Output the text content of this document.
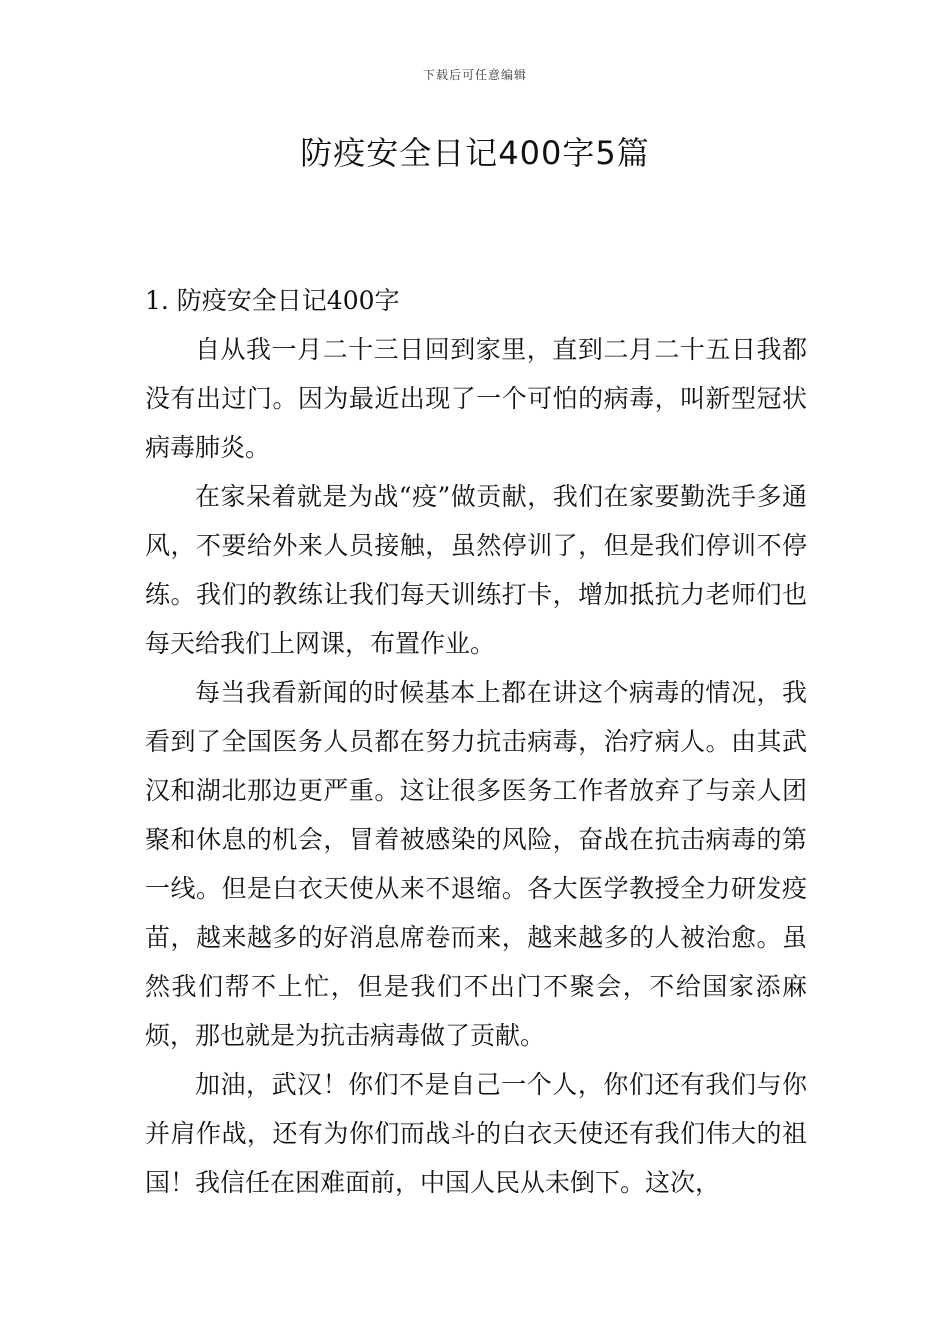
下载后可任意编辑
防疫安全日记400字5篇
1. 防疫安全日记400字

自从我一月二十三日回到家里，直到二月二十五日我都没有出过门。因为最近出现了一个可怕的病毒，叫新型冠状病毒肺炎。

在家呆着就是为战“疫”做贡献，我们在家要勤洗手多通风，不要给外来人员接触，虽然停训了，但是我们停训不停练。我们的教练让我们每天训练打卡，增加抵抗力老师们也每天给我们上网课，布置作业。

每当我看新闻的时候基本上都在讲这个病毒的情况，我看到了全国医务人员都在努力抗击病毒，治疗病人。由其武汉和湖北那边更严重。这让很多医务工作者放弃了与亲人团聚和休息的机会，冒着被感染的风险，奋战在抗击病毒的第一线。但是白衣天使从来不退缩。各大医学教授全力研发疫苗，越来越多的好消息席卷而来，越来越多的人被治愈。虽然我们帮不上忙，但是我们不出门不聚会，不给国家添麻烦，那也就是为抗击病毒做了贡献。

加油，武汉！你们不是自己一个人，你们还有我们与你并肩作战，还有为你们而战斗的白衣天使还有我们伟大的祖国！我信任在困难面前，中国人民从未倒下。这次，
